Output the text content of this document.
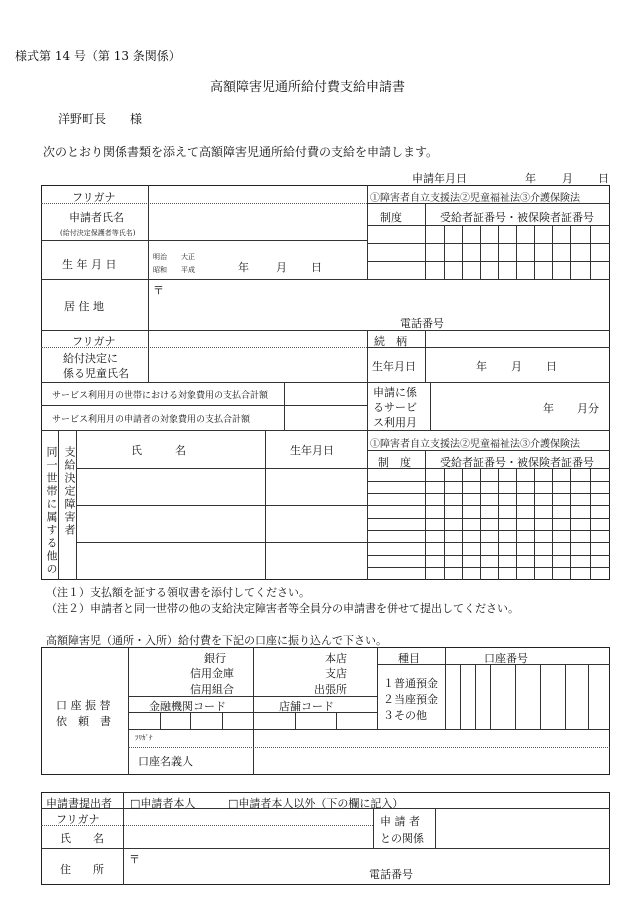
様式第 14 号（第 13 条関係）
高額障害児通所給付費支給申請書
洋野町長　　様
次のとおり関係書類を添えて高額障害児通所給付費の支給を申請します。
申請年月日	年 月 日
フリガナ
申請者氏名
(給付決定保護者等氏名)
生 年 月 日
明治 大正
昭和 平成	年 月 日
居 住 地
〒
電話番号
①障害者自立支援法②児童福祉法③介護保険法
制度	受給者証番号・被保険者証番号
フリガナ
給付決定に
係る児童氏名
続　柄
生年月日	年 月 日
サービス利用月の世帯における対象費用の支払合計額
サービス利用月の申請者の対象費用の支払合計額
申請に係
るサービ
ス利用月
年 月分
同一世帯に属する他の 支給決定障害者	氏　　　名	生年月日	①障害者自立支援法②児童福祉法③介護保険法
制　度	受給者証番号・被保険者証番号
（注１）支払額を証する領収書を添付してください。
（注２）申請者と同一世帯の他の支給決定障害者等全員分の申請書を併せて提出してください。
高額障害児（通所・入所）給付費を下記の口座に振り込んで下さい。
口 座 振 替
依　頼　書
銀行
信用金庫
信用組合
本店
支店
出張所
種目	口座番号
１普通預金
２当座預金
３その他
金融機関コード	店舗コード
ﾌﾘｶﾞﾅ
口座名義人
申請書提出者 □申請者本人	□申請者本人以外（下の欄に記入）
フリガナ
氏　　名
申 請 者
との関係
住　　所
〒
電話番号
